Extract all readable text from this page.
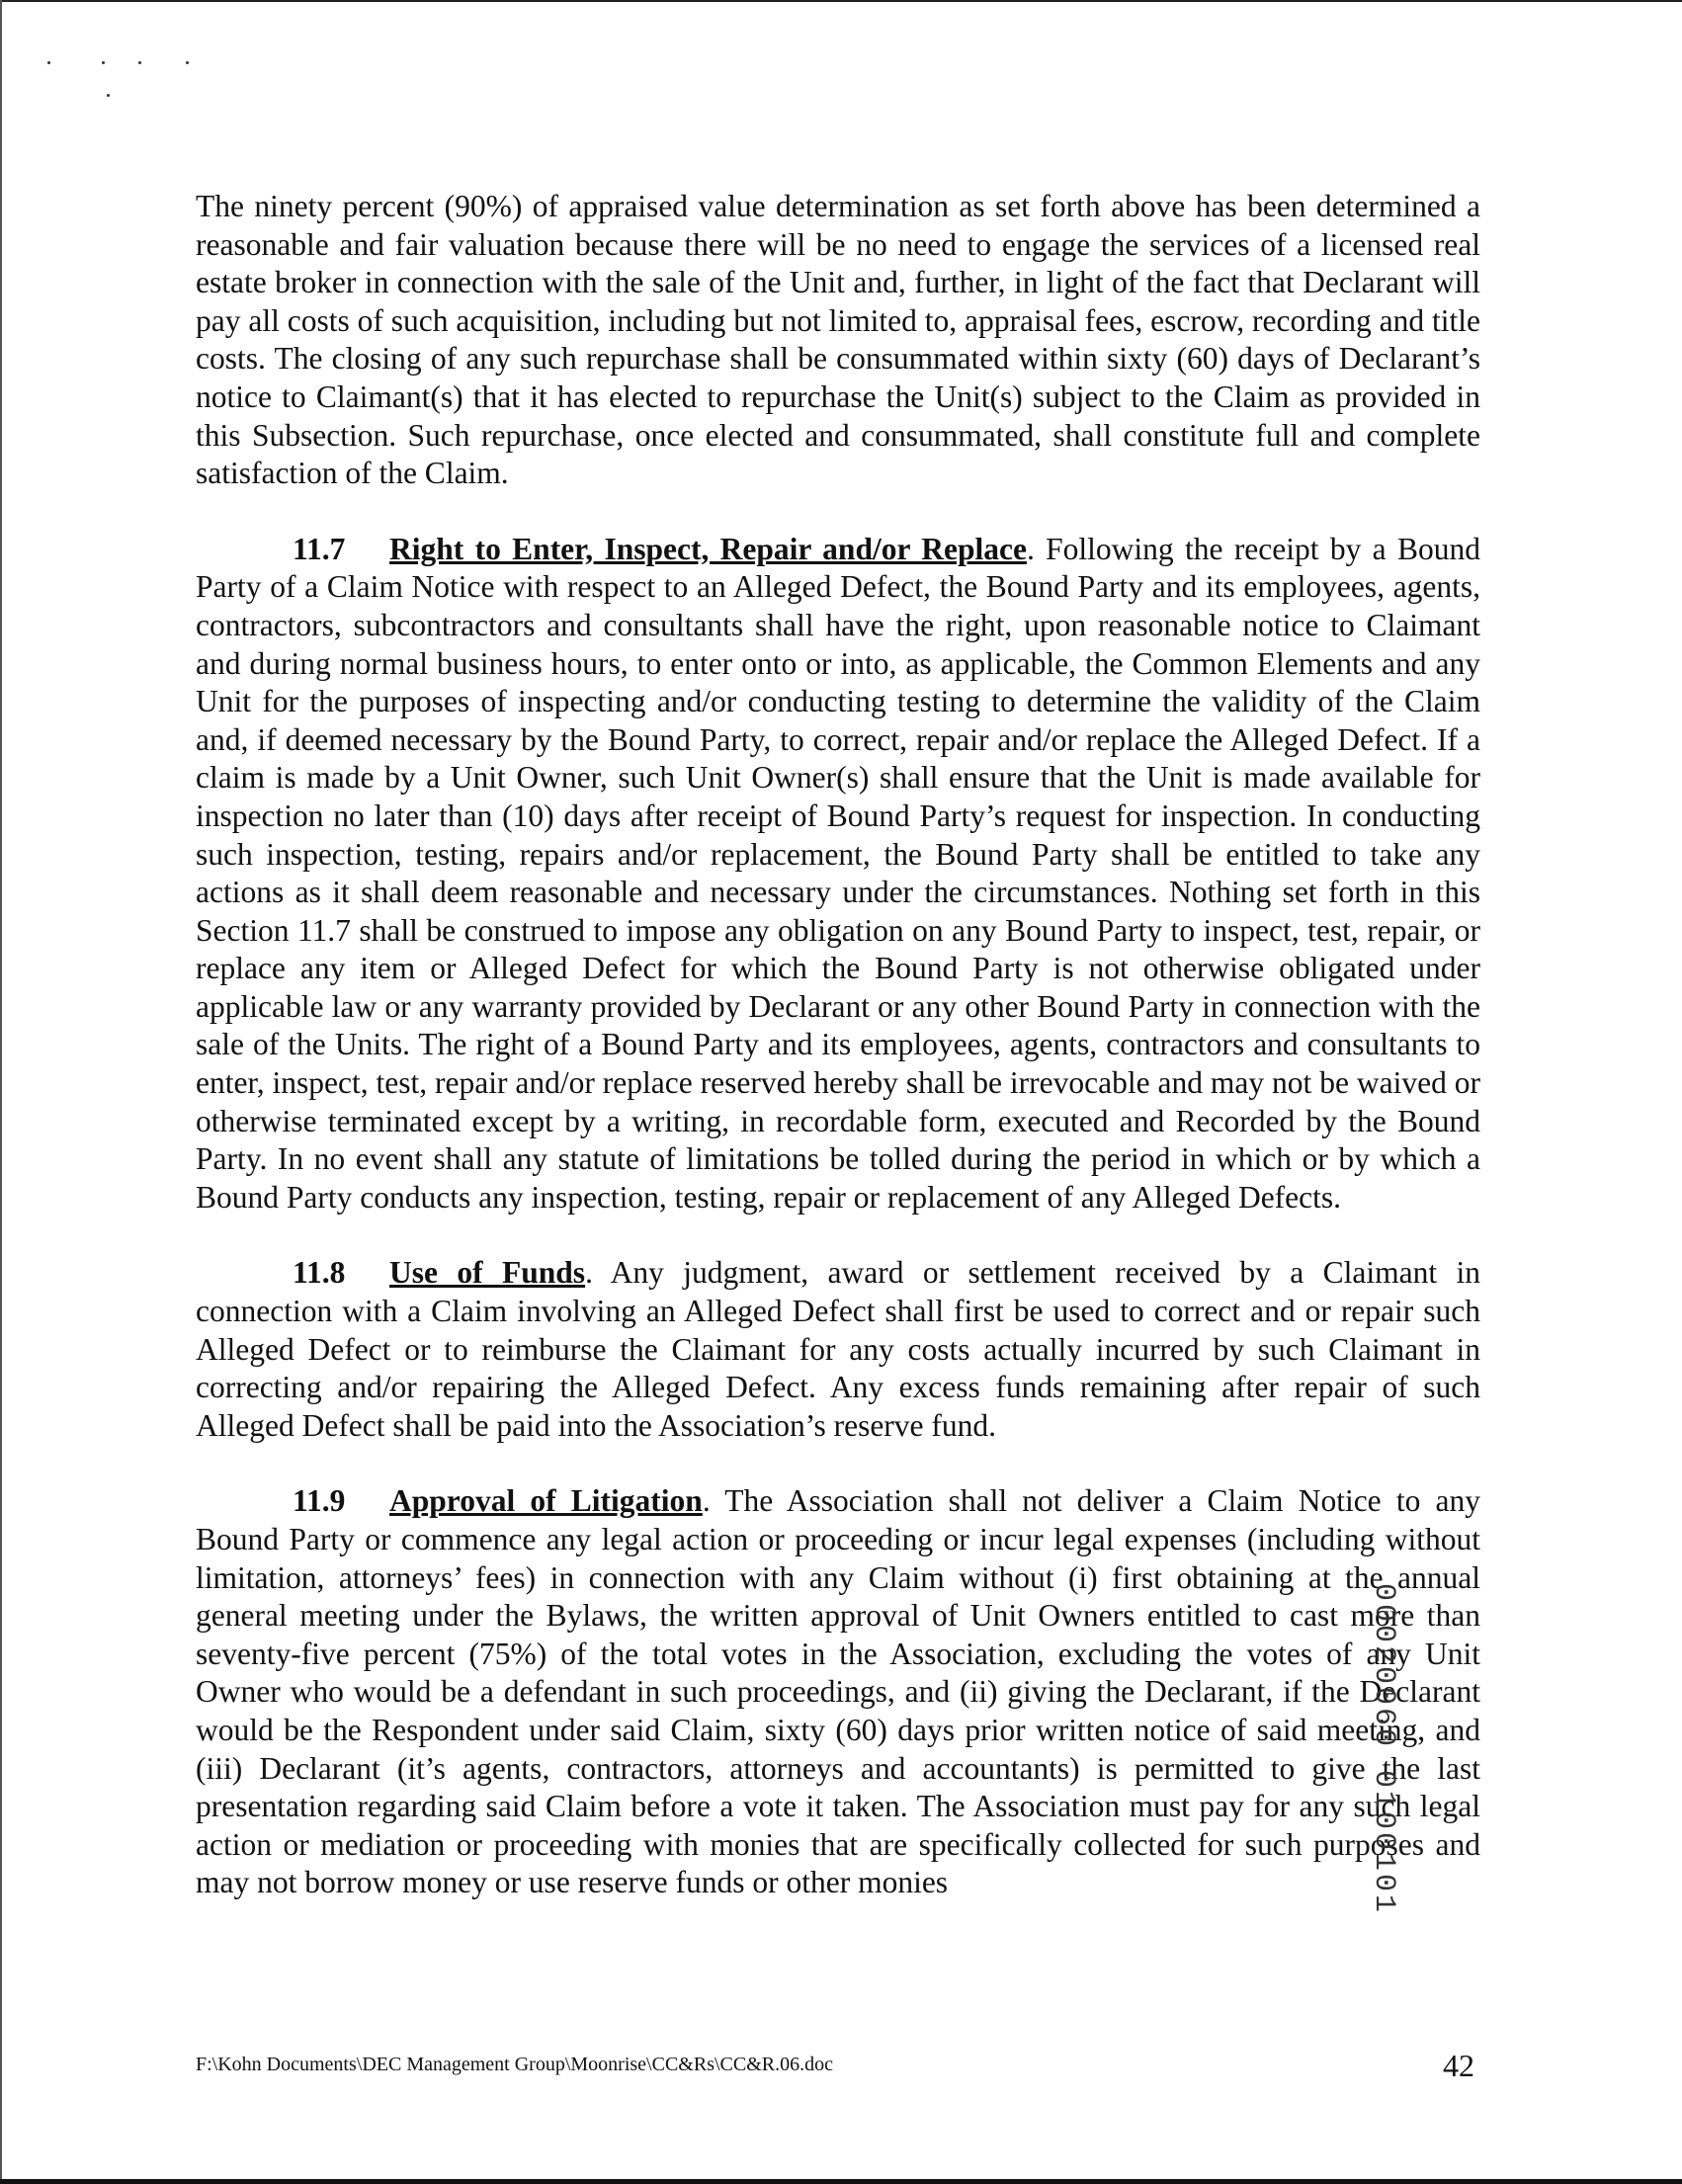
The ninety percent (90%) of appraised value determination as set forth above has been determined a reasonable and fair valuation because there will be no need to engage the services of a licensed real estate broker in connection with the sale of the Unit and, further, in light of the fact that Declarant will pay all costs of such acquisition, including but not limited to, appraisal fees, escrow, recording and title costs. The closing of any such repurchase shall be consummated within sixty (60) days of Declarant’s notice to Claimant(s) that it has elected to repurchase the Unit(s) subject to the Claim as provided in this Subsection. Such repurchase, once elected and consummated, shall constitute full and complete satisfaction of the Claim.

11.7 Right to Enter, Inspect, Repair and/or Replace. Following the receipt by a Bound Party of a Claim Notice with respect to an Alleged Defect, the Bound Party and its employees, agents, contractors, subcontractors and consultants shall have the right, upon reasonable notice to Claimant and during normal business hours, to enter onto or into, as applicable, the Common Elements and any Unit for the purposes of inspecting and/or conducting testing to determine the validity of the Claim and, if deemed necessary by the Bound Party, to correct, repair and/or replace the Alleged Defect. If a claim is made by a Unit Owner, such Unit Owner(s) shall ensure that the Unit is made available for inspection no later than (10) days after receipt of Bound Party’s request for inspection. In conducting such inspection, testing, repairs and/or replacement, the Bound Party shall be entitled to take any actions as it shall deem reasonable and necessary under the circumstances. Nothing set forth in this Section 11.7 shall be construed to impose any obligation on any Bound Party to inspect, test, repair, or replace any item or Alleged Defect for which the Bound Party is not otherwise obligated under applicable law or any warranty provided by Declarant or any other Bound Party in connection with the sale of the Units. The right of a Bound Party and its employees, agents, contractors and consultants to enter, inspect, test, repair and/or replace reserved hereby shall be irrevocable and may not be waived or otherwise terminated except by a writing, in recordable form, executed and Recorded by the Bound Party. In no event shall any statute of limitations be tolled during the period in which or by which a Bound Party conducts any inspection, testing, repair or replacement of any Alleged Defects.

11.8 Use of Funds. Any judgment, award or settlement received by a Claimant in connection with a Claim involving an Alleged Defect shall first be used to correct and or repair such Alleged Defect or to reimburse the Claimant for any costs actually incurred by such Claimant in correcting and/or repairing the Alleged Defect. Any excess funds remaining after repair of such Alleged Defect shall be paid into the Association’s reserve fund.

11.9 Approval of Litigation. The Association shall not deliver a Claim Notice to any Bound Party or commence any legal action or proceeding or incur legal expenses (including without limitation, attorneys’ fees) in connection with any Claim without (i) first obtaining at the annual general meeting under the Bylaws, the written approval of Unit Owners entitled to cast more than seventy-five percent (75%) of the total votes in the Association, excluding the votes of any Unit Owner who would be a defendant in such proceedings, and (ii) giving the Declarant, if the Declarant would be the Respondent under said Claim, sixty (60) days prior written notice of said meeting, and (iii) Declarant (it’s agents, contractors, attorneys and accountants) is permitted to give the last presentation regarding said Claim before a vote it taken. The Association must pay for any such legal action or mediation or proceeding with monies that are specifically collected for such purposes and may not borrow money or use reserve funds or other monies	00020060 0100101
F:\Kohn Documents\DEC Management Group\Moonrise\CC&Rs\CC&R.06.doc	42
